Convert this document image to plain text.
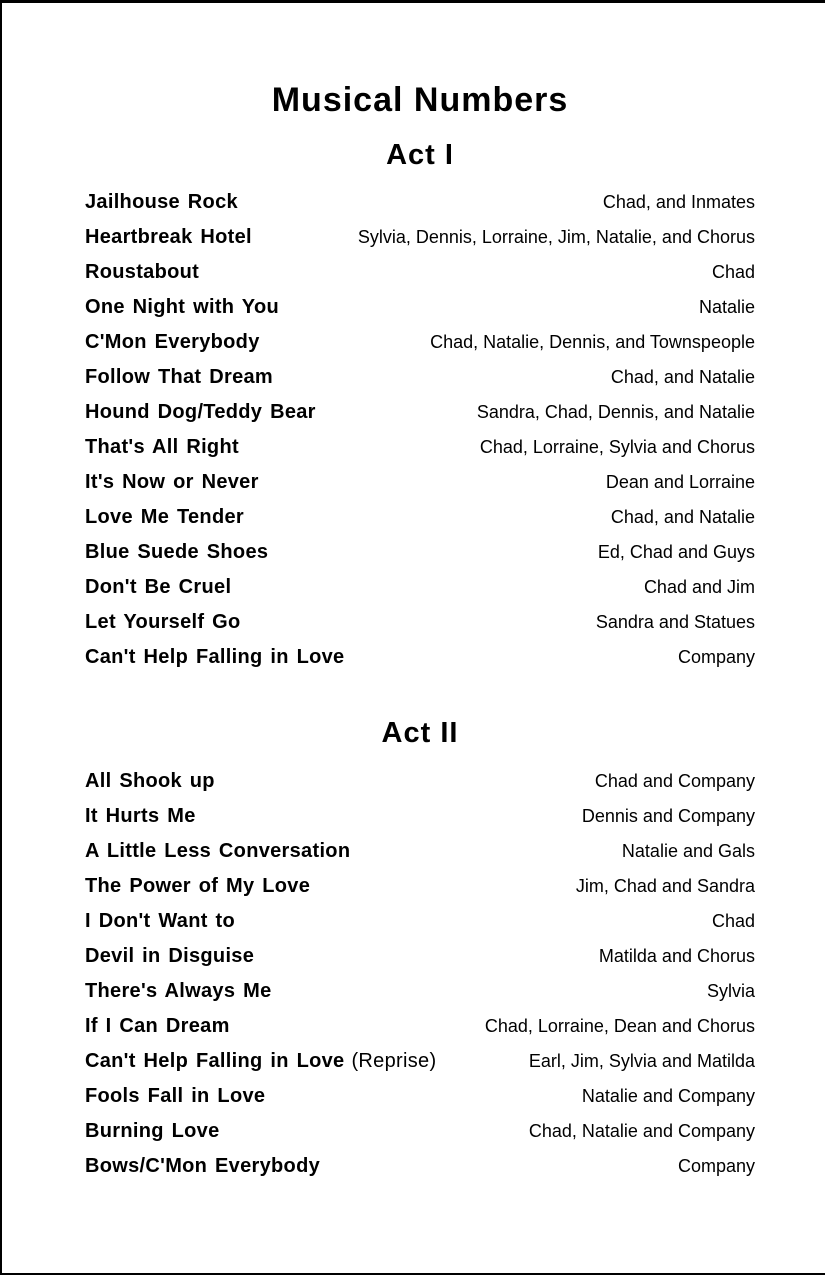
Musical Numbers
Act I
Jailhouse Rock	Chad, and Inmates
Heartbreak Hotel	Sylvia, Dennis, Lorraine, Jim, Natalie, and Chorus
Roustabout	Chad
One Night with You	Natalie
C'Mon Everybody	Chad, Natalie, Dennis, and Townspeople
Follow That Dream	Chad, and Natalie
Hound Dog/Teddy Bear	Sandra, Chad, Dennis, and Natalie
That's All Right	Chad, Lorraine, Sylvia and Chorus
It's Now or Never	Dean and Lorraine
Love Me Tender	Chad, and Natalie
Blue Suede Shoes	Ed, Chad and Guys
Don't Be Cruel	Chad and Jim
Let Yourself Go	Sandra and Statues
Can't Help Falling in Love	Company
Act II
All Shook up	Chad and Company
It Hurts Me	Dennis and Company
A Little Less Conversation	Natalie and Gals
The Power of My Love	Jim, Chad and Sandra
I Don't Want to	Chad
Devil in Disguise	Matilda and Chorus
There's Always Me	Sylvia
If I Can Dream	Chad, Lorraine, Dean and Chorus
Can't Help Falling in Love (Reprise)	Earl, Jim, Sylvia and Matilda
Fools Fall in Love	Natalie and Company
Burning Love	Chad, Natalie and Company
Bows/C'Mon Everybody	Company
